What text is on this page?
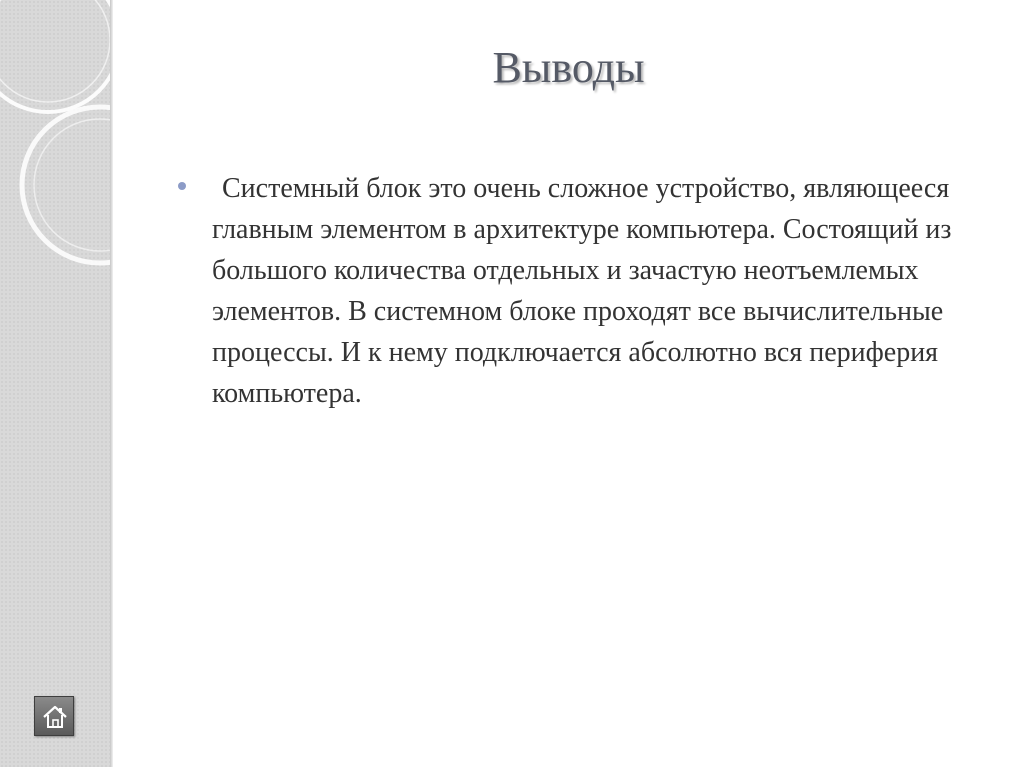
Выводы

Системный блок это очень сложное устройство, являющееся главным элементом в архитектуре компьютера. Состоящий из большого количества отдельных и зачастую неотъемлемых элементов. В системном блоке проходят все вычислительные процессы. И к нему подключается абсолютно вся периферия компьютера.
